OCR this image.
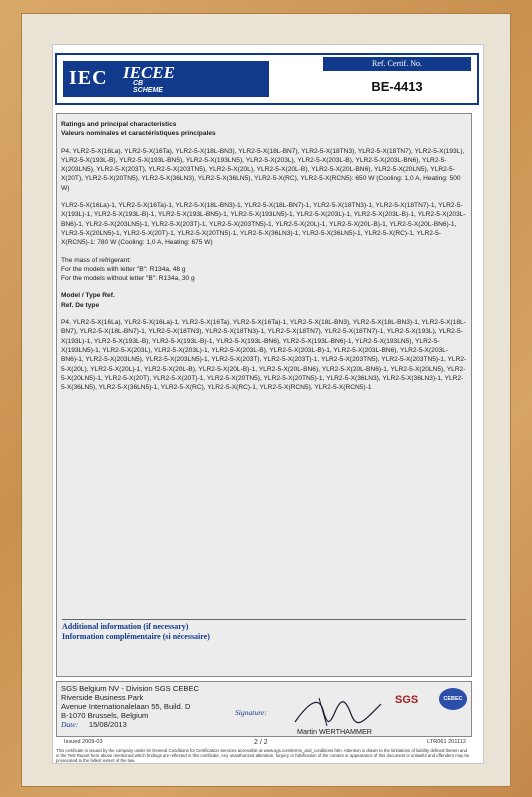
IEC IECEE
CB
SCHEME
Ref. Certif. No.
BE-4413

Ratings and principal characteristics

Valeurs nominales et caractéristiques principales

P4, YLR2-5-X(16La), YLR2-5-X(16Ta), YLR2-5-X(18L-BN3), YLR2-5-X(18L-BN7), YLR2-5-X(18TN3), YLR2-5-X(18TN7), YLR2-5-X(193L), YLR2-5-X(193L-B), YLR2-5-X(193L-BN5), YLR2-5-X(193LN5), YLR2-5-X(203L), YLR2-5-X(203L-B), YLR2-5-X(203L-BN6), YLR2-5-X(203LN5), YLR2-5-X(203T), YLR2-5-X(203TN5), YLR2-5-X(20L), YLR2-5-X(20L-B), YLR2-5-X(20L-BN6), YLR2-5-X(20LN5), YLR2-5-X(20T), YLR2-5-X(20TN5), YLR2-5-X(36LN3), YLR2-5-X(36LN5), YLR2-5-X(RC), YLR2-5-X(RCN5): 650 W (Cooling: 1,0 A, Heating: 500 W)

YLR2-5-X(16La)-1, YLR2-5-X(16Ta)-1, YLR2-5-X(18L-BN3)-1, YLR2-5-X(18L-BN7)-1, YLR2-5-X(18TN3)-1, YLR2-5-X(18TN7)-1, YLR2-5-X(193L)-1, YLR2-5-X(193L-B)-1, YLR2-5-X(193L-BN5)-1, YLR2-5-X(193LN5)-1, YLR2-5-X(203L)-1, YLR2-5-X(203L-B)-1, YLR2-5-X(203L-BN6)-1, YLR2-5-X(203LN5)-1, YLR2-5-X(203T)-1, YLR2-5-X(203TN5)-1, YLR2-5-X(20L)-1, YLR2-5-X(20L-B)-1, YLR2-5-X(20L-BN6)-1, YLR2-5-X(20LN5)-1, YLR2-5-X(20T)-1, YLR2-5-X(20TN5)-1, YLR2-5-X(36LN3)-1, YLR2-5-X(36LN5)-1, YLR2-5-X(RC)-1, YLR2-5-X(RCN5)-1: 780 W (Cooling: 1,0 A, Heating: 675 W)

The mass of refrigerant:

For the models with letter "B": R134a, 48 g

For the models without letter "B": R134a, 30 g

Model / Type Ref.

Ref. De type

P4, YLR2-5-X(16La), YLR2-5-X(16La)-1, YLR2-5-X(16Ta), YLR2-5-X(16Ta)-1, YLR2-5-X(18L-BN3), YLR2-5-X(18L-BN3)-1, YLR2-5-X(18L-BN7), YLR2-5-X(18L-BN7)-1, YLR2-5-X(18TN3), YLR2-5-X(18TN3)-1, YLR2-5-X(18TN7), YLR2-5-X(18TN7)-1, YLR2-5-X(193L), YLR2-5-X(193L)-1, YLR2-5-X(193L-B), YLR2-5-X(193L-B)-1, YLR2-5-X(193L-BN6), YLR2-5-X(193L-BN6)-1, YLR2-5-X(193LN5), YLR2-5-X(193LN5)-1, YLR2-5-X(203L), YLR2-5-X(203L)-1, YLR2-5-X(203L-B), YLR2-5-X(203L-B)-1, YLR2-5-X(203L-BN6), YLR2-5-X(203L-BN6)-1, YLR2-5-X(203LN5), YLR2-5-X(203LN5)-1, YLR2-5-X(203T), YLR2-5-X(203T)-1, YLR2-5-X(203TN5), YLR2-5-X(203TN5)-1, YLR2-5-X(20L), YLR2-5-X(20L)-1, YLR2-5-X(20L-B), YLR2-5-X(20L-B)-1, YLR2-5-X(20L-BN6), YLR2-5-X(20L-BN6)-1, YLR2-5-X(20LN5), YLR2-5-X(20LN5)-1, YLR2-5-X(20T), YLR2-5-X(20T)-1, YLR2-5-X(20TN5), YLR2-5-X(20TN5)-1, YLR2-5-X(36LN3), YLR2-5-X(36LN3)-1, YLR2-5-X(36LN5), YLR2-5-X(36LN5)-1, YLR2-5-X(RC), YLR2-5-X(RC)-1, YLR2-5-X(RCN5), YLR2-5-X(RCN5)-1

Additional information (if necessary)
Information complémentaire (si nécessaire)
SGS Belgium NV - Division SGS CEBEC
Riverside Business Park
Avenue Internationalelaan 55, Build. D
B-1070 Brussels, Belgium
Date: 15/08/2013
Signature:
Martin WERTHAMMER
SGS	CEBEC
Issued 2009-03	2 / 2	LTR061 201112
This certificate is issued by the company under its General Conditions for Certification Services accessible at www.sgs.com/terms_and_conditions.htm. Attention is drawn to the limitations of liability defined therein and in the Test Report here above mentioned which findings are reflected in this certificate. Any unauthorized alteration, forgery or falsification of the content or appearance of this document is unlawful and offenders may be prosecuted to the fullest extent of the law.
